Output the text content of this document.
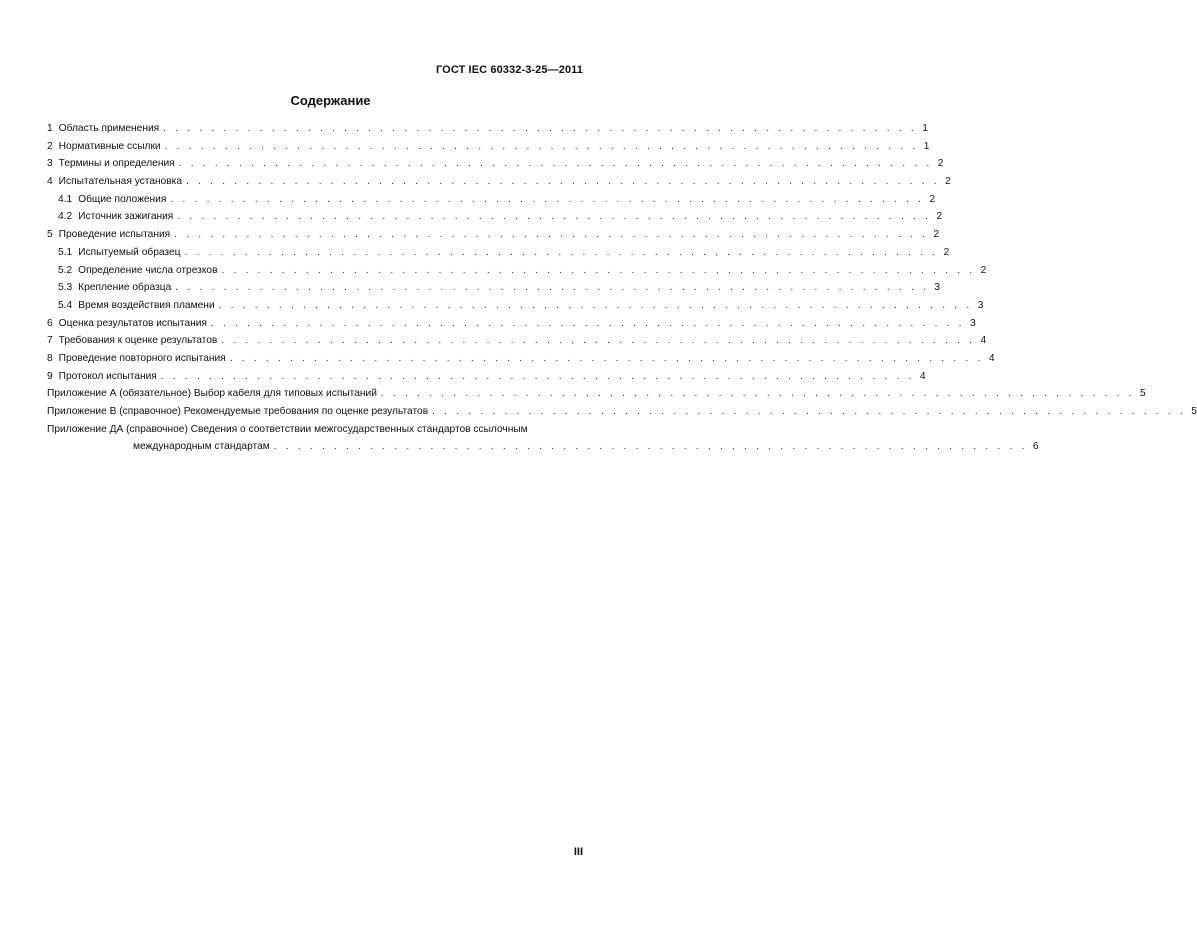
ГОСТ IEC 60332-3-25—2011
Содержание
1 Область применения . . . . . . . . . . . . . . . . . . . . . . . . . . . . . . . . . . . . . . . . . . . . . . . . . . . . . . . . . . . . . . . 1
2 Нормативные ссылки . . . . . . . . . . . . . . . . . . . . . . . . . . . . . . . . . . . . . . . . . . . . . . . . . . . . . . . . . . . . . . . 1
3 Термины и определения . . . . . . . . . . . . . . . . . . . . . . . . . . . . . . . . . . . . . . . . . . . . . . . . . . . . . . . . . . . . . . . 2
4 Испытательная установка . . . . . . . . . . . . . . . . . . . . . . . . . . . . . . . . . . . . . . . . . . . . . . . . . . . . . . . . . . . . . . . 2
4.1 Общие положения . . . . . . . . . . . . . . . . . . . . . . . . . . . . . . . . . . . . . . . . . . . . . . . . . . . . . . . . . . . . . . . 2
4.2 Источник зажигания . . . . . . . . . . . . . . . . . . . . . . . . . . . . . . . . . . . . . . . . . . . . . . . . . . . . . . . . . . . . . . . 2
5 Проведение испытания . . . . . . . . . . . . . . . . . . . . . . . . . . . . . . . . . . . . . . . . . . . . . . . . . . . . . . . . . . . . . . . 2
5.1 Испытуемый образец . . . . . . . . . . . . . . . . . . . . . . . . . . . . . . . . . . . . . . . . . . . . . . . . . . . . . . . . . . . . . . . 2
5.2 Определение числа отрезков . . . . . . . . . . . . . . . . . . . . . . . . . . . . . . . . . . . . . . . . . . . . . . . . . . . . . . . . . . . . . . . 2
5.3 Крепление образца . . . . . . . . . . . . . . . . . . . . . . . . . . . . . . . . . . . . . . . . . . . . . . . . . . . . . . . . . . . . . . . 3
5.4 Время воздействия пламени . . . . . . . . . . . . . . . . . . . . . . . . . . . . . . . . . . . . . . . . . . . . . . . . . . . . . . . . . . . . . . . 3
6 Оценка результатов испытания . . . . . . . . . . . . . . . . . . . . . . . . . . . . . . . . . . . . . . . . . . . . . . . . . . . . . . . . . . . . . . . 3
7 Требования к оценке результатов . . . . . . . . . . . . . . . . . . . . . . . . . . . . . . . . . . . . . . . . . . . . . . . . . . . . . . . . . . . . . . . 4
8 Проведение повторного испытания . . . . . . . . . . . . . . . . . . . . . . . . . . . . . . . . . . . . . . . . . . . . . . . . . . . . . . . . . . . . . . . 4
9 Протокол испытания . . . . . . . . . . . . . . . . . . . . . . . . . . . . . . . . . . . . . . . . . . . . . . . . . . . . . . . . . . . . . . . 4
Приложение А (обязательное) Выбор кабеля для типовых испытаний . . . . . . . . . . . . . . . . . . . . . . . . . . . . . . . . . . . . . . . . . . . . . . . . . . . . . . . . . . . . . . . 5
Приложение В (справочное) Рекомендуемые требования по оценке результатов . . . . . . . . . . . . . . . . . . . . . . . . . . . . . . . . . . . . . . . . . . . . . . . . . . . . . . . . . . . . . . . 5
Приложение ДА (справочное) Сведения о соответствии межгосударственных стандартов ссылочным
международным стандартам . . . . . . . . . . . . . . . . . . . . . . . . . . . . . . . . . . . . . . . . . . . . . . . . . . . . . . . . . . . . . . . 6
III
